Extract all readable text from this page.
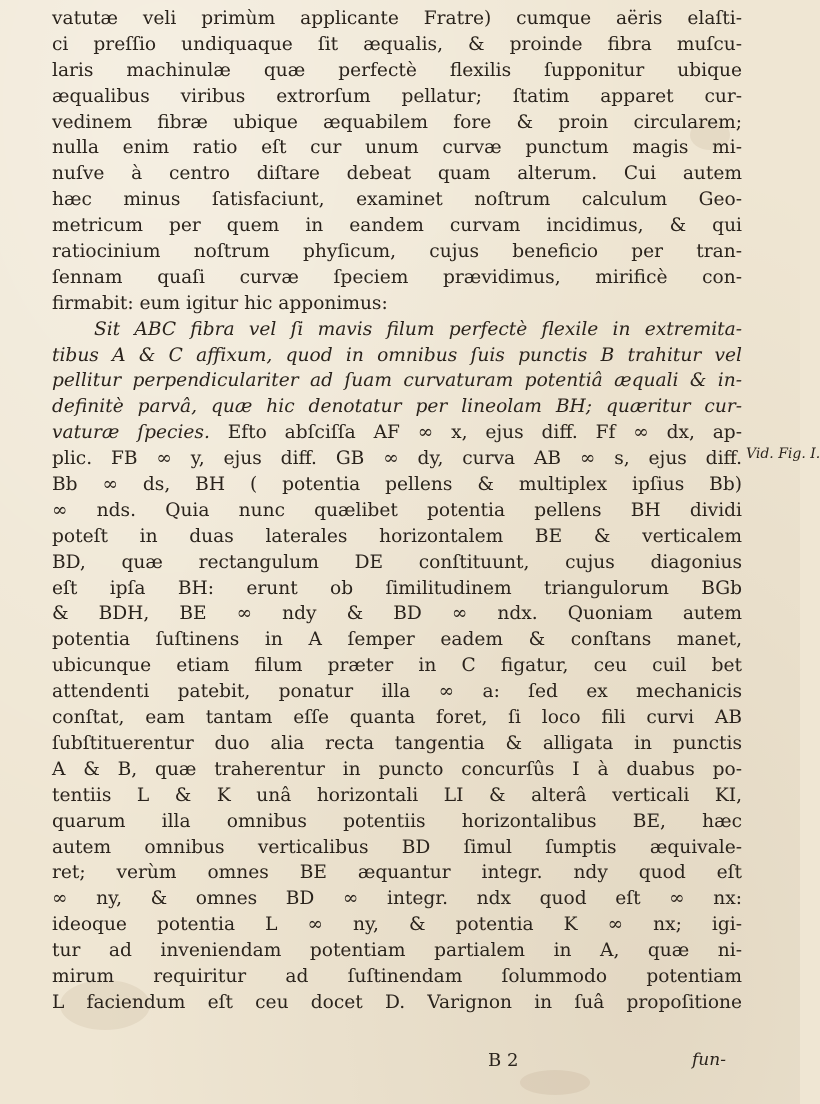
vatutæ veli primùm applicante Fratre) cumque aëris elaſti-
ci preſſio undiquaque ſit æqualis, & proinde fibra muſcu-
laris machinulæ quæ perfectè flexilis ſupponitur ubique
æqualibus viribus extrorſum pellatur; ſtatim apparet cur-
vedinem fibræ ubique æquabilem fore & proin circularem;
nulla enim ratio eſt cur unum curvæ punctum magis mi-
nuſve à centro diſtare debeat quam alterum. Cui autem
hæc minus ſatisfaciunt, examinet noſtrum calculum Geo-
metricum per quem in eandem curvam incidimus, & qui
ratiocinium noſtrum phyſicum, cujus beneficio per tran-
ſennam quaſi curvæ ſpeciem prævidimus, mirificè con-
firmabit: eum igitur hic apponimus:
Sit ABC fibra vel ſi mavis filum perfectè flexile in extremita-
tibus A & C affixum, quod in omnibus ſuis punctis B trahitur vel
pellitur perpendiculariter ad ſuam curvaturam potentiâ æquali & in-
definitè parvâ, quæ hic denotatur per lineolam BH; quæritur cur-
vaturæ ſpecies. Efto abſciſſa AF ∞ x, ejus diff. Ff ∞ dx, ap-
plic. FB ∞ y, ejus diff. GB ∞ dy, curva AB ∞ s, ejus diff.
Bb ∞ ds, BH ( potentia pellens & multiplex ipſius Bb)
∞ nds. Quia nunc quælibet potentia pellens BH dividi
poteſt in duas laterales horizontalem BE & verticalem
BD, quæ rectangulum DE conſtituunt, cujus diagonius
eſt ipſa BH: erunt ob ſimilitudinem triangulorum BGb
& BDH, BE ∞ ndy & BD ∞ ndx. Quoniam autem
potentia ſuſtinens in A ſemper eadem & conſtans manet,
ubicunque etiam filum præter in C figatur, ceu cuil bet
attendenti patebit, ponatur illa ∞ a: ſed ex mechanicis
conſtat, eam tantam eſſe quanta foret, ſi loco fili curvi AB
ſubſtituerentur duo alia recta tangentia & alligata in punctis
A & B, quæ traherentur in puncto concurſûs I à duabus po-
tentiis L & K unâ horizontali LI & alterâ verticali KI,
quarum illa omnibus potentiis horizontalibus BE, hæc
autem omnibus verticalibus BD ſimul ſumptis æquivale-
ret; verùm omnes BE æquantur integr. ndy quod eſt
∞ ny, & omnes BD ∞ integr. ndx quod eſt ∞ nx:
ideoque potentia L ∞ ny, & potentia K ∞ nx; igi-
tur ad inveniendam potentiam partialem in A, quæ ni-
mirum requiritur ad ſuſtinendam ſolummodo potentiam
L faciendum eſt ceu docet D. Varignon in ſuâ propoſitione
Vid. Fig. I.
B 2	fun-
